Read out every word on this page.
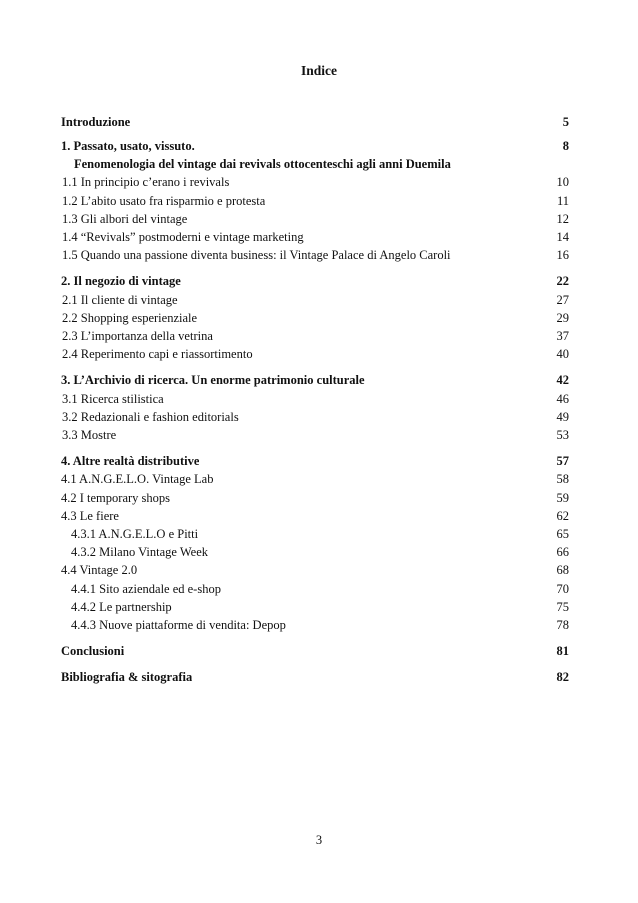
Indice
Introduzione	5
1. Passato, usato, vissuto.	8
Fenomenologia del vintage dai revivals ottocenteschi agli anni Duemila
1.1 In principio c’erano i revivals	10
1.2 L’abito usato fra risparmio e protesta	11
1.3 Gli albori del vintage	12
1.4 “Revivals” postmoderni e vintage marketing	14
1.5 Quando una passione diventa business: il Vintage Palace di Angelo Caroli	16
2. Il negozio di vintage	22
2.1 Il cliente di vintage	27
2.2 Shopping esperienziale	29
2.3 L’importanza della vetrina	37
2.4 Reperimento capi e riassortimento	40
3. L’Archivio di ricerca. Un enorme patrimonio culturale	42
3.1 Ricerca stilistica	46
3.2 Redazionali e fashion editorials	49
3.3 Mostre	53
4. Altre realtà distributive	57
4.1 A.N.G.E.L.O. Vintage Lab	58
4.2 I temporary shops	59
4.3 Le fiere	62
4.3.1 A.N.G.E.L.O e Pitti	65
4.3.2 Milano Vintage Week	66
4.4 Vintage 2.0	68
4.4.1 Sito aziendale ed e-shop	70
4.4.2 Le partnership	75
4.4.3 Nuove piattaforme di vendita: Depop	78
Conclusioni	81
Bibliografia & sitografia	82
3
